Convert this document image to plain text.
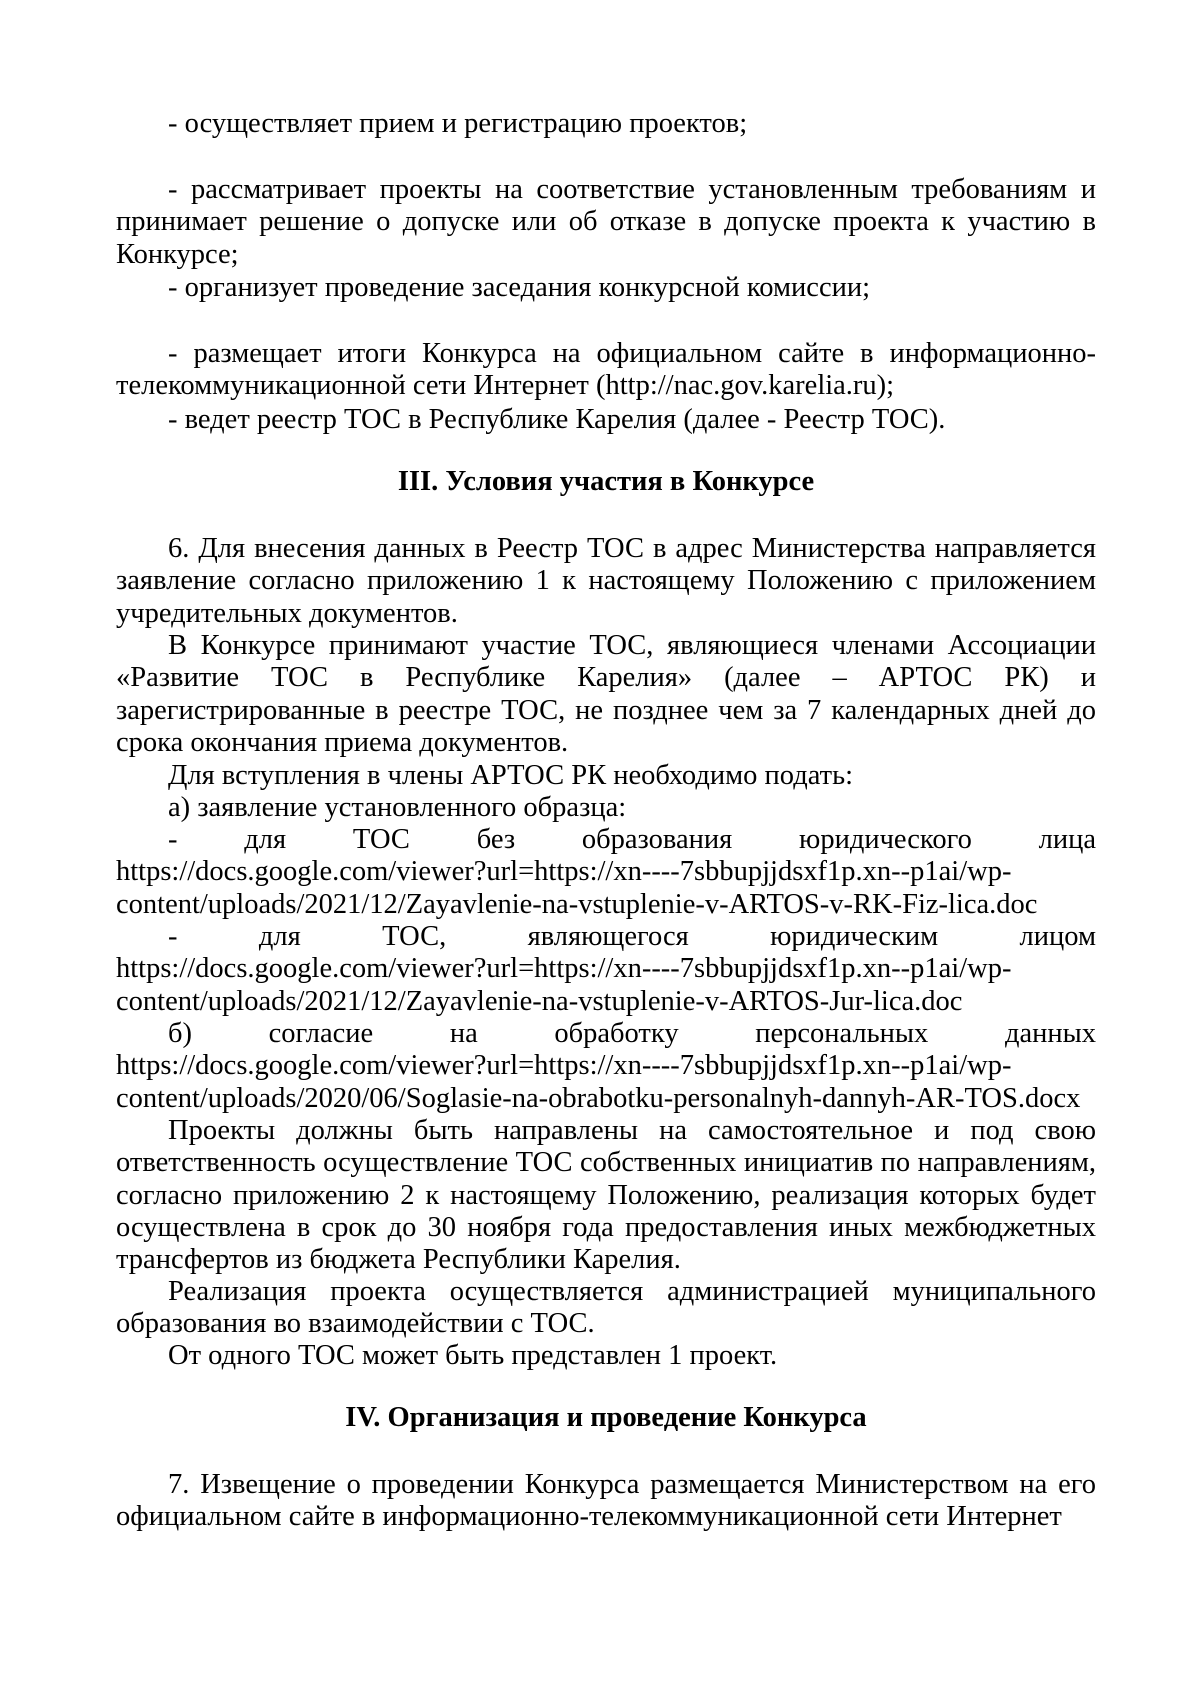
- осуществляет прием и регистрацию проектов;

- рассматривает проекты на соответствие установленным требованиям и принимает решение о допуске или об отказе в допуске проекта к участию в Конкурсе;

- организует проведение заседания конкурсной комиссии;

- размещает итоги Конкурса на официальном сайте в информационно-телекоммуникационной сети Интернет (http://nac.gov.karelia.ru);

- ведет реестр ТОС в Республике Карелия (далее - Реестр ТОС).

III. Условия участия в Конкурсе

6. Для внесения данных в Реестр ТОС в адрес Министерства направляется заявление согласно приложению 1 к настоящему Положению с приложением учредительных документов.

В Конкурсе принимают участие ТОС, являющиеся членами Ассоциации «Развитие ТОС в Республике Карелия» (далее – АРТОС РК) и зарегистрированные в реестре ТОС, не позднее чем за 7 календарных дней до срока окончания приема документов.

Для вступления в члены АРТОС РК необходимо подать:

а) заявление установленного образца:

- для ТОС без образования юридического лица
https://docs.google.com/viewer?url=https://xn----7sbbupjjdsxf1p.xn--p1ai/wp-
content/uploads/2021/12/Zayavlenie-na-vstuplenie-v-ARTOS-v-RK-Fiz-lica.doc
- для ТОС, являющегося юридическим лицом
https://docs.google.com/viewer?url=https://xn----7sbbupjjdsxf1p.xn--p1ai/wp-
content/uploads/2021/12/Zayavlenie-na-vstuplenie-v-ARTOS-Jur-lica.doc
б) согласие на обработку персональных данных
https://docs.google.com/viewer?url=https://xn----7sbbupjjdsxf1p.xn--p1ai/wp-
content/uploads/2020/06/Soglasie-na-obrabotku-personalnyh-dannyh-AR-TOS.docx

Проекты должны быть направлены на самостоятельное и под свою ответственность осуществление ТОС собственных инициатив по направлениям, согласно приложению 2 к настоящему Положению, реализация которых будет осуществлена в срок до 30 ноября года предоставления иных межбюджетных трансфертов из бюджета Республики Карелия.

Реализация проекта осуществляется администрацией муниципального образования во взаимодействии с ТОС.

От одного ТОС может быть представлен 1 проект.

IV. Организация и проведение Конкурса

7. Извещение о проведении Конкурса размещается Министерством на его официальном сайте в информационно-телекоммуникационной сети Интернет
